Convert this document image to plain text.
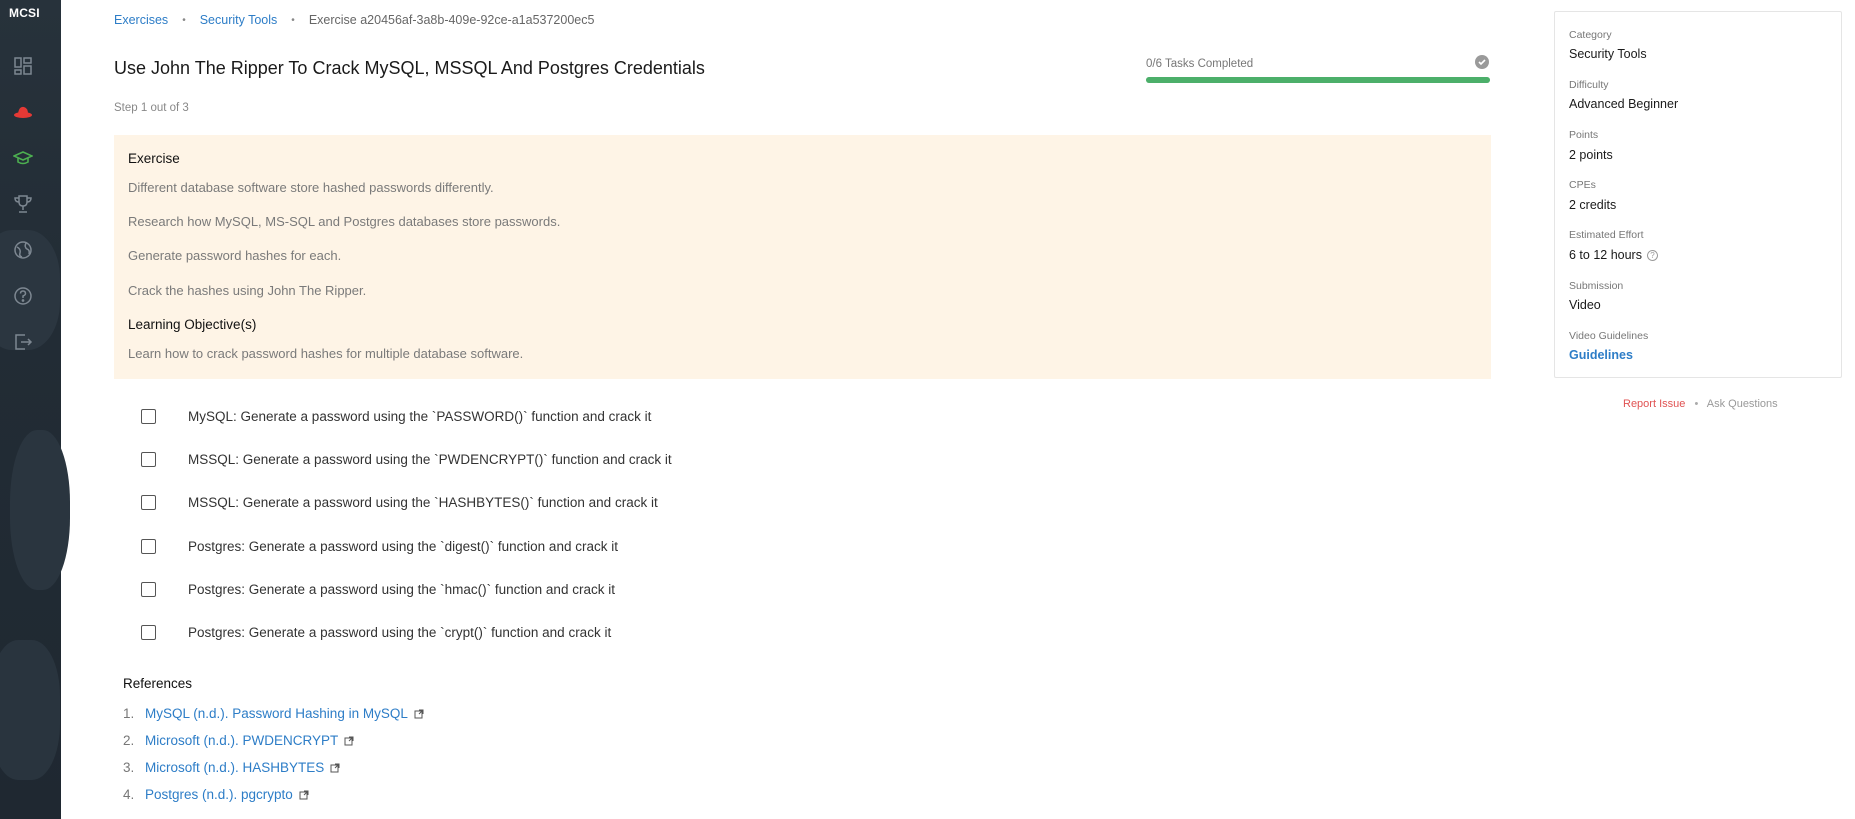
MCSI	Exercises • Security Tools • Exercise a20456af-3a8b-409e-92ce-a1a537200ec5
Use John The Ripper To Crack MySQL, MSSQL And Postgres Credentials
Step 1 out of 3
0/6 Tasks Completed
Exercise
Different database software store hashed passwords differently.
Research how MySQL, MS-SQL and Postgres databases store passwords.
Generate password hashes for each.
Crack the hashes using John The Ripper.
Learning Objective(s)
Learn how to crack password hashes for multiple database software.
MySQL: Generate a password using the `PASSWORD()` function and crack it
MSSQL: Generate a password using the `PWDENCRYPT()` function and crack it
MSSQL: Generate a password using the `HASHBYTES()` function and crack it
Postgres: Generate a password using the `digest()` function and crack it
Postgres: Generate a password using the `hmac()` function and crack it
Postgres: Generate a password using the `crypt()` function and crack it
References
1. MySQL (n.d.). Password Hashing in MySQL
2. Microsoft (n.d.). PWDENCRYPT
3. Microsoft (n.d.). HASHBYTES
4. Postgres (n.d.). pgcrypto
Category
Security Tools
Difficulty
Advanced Beginner
Points
2 points
CPEs
2 credits
Estimated Effort
6 to 12 hours	?
Submission
Video
Video Guidelines
Guidelines
Report Issue • Ask Questions
